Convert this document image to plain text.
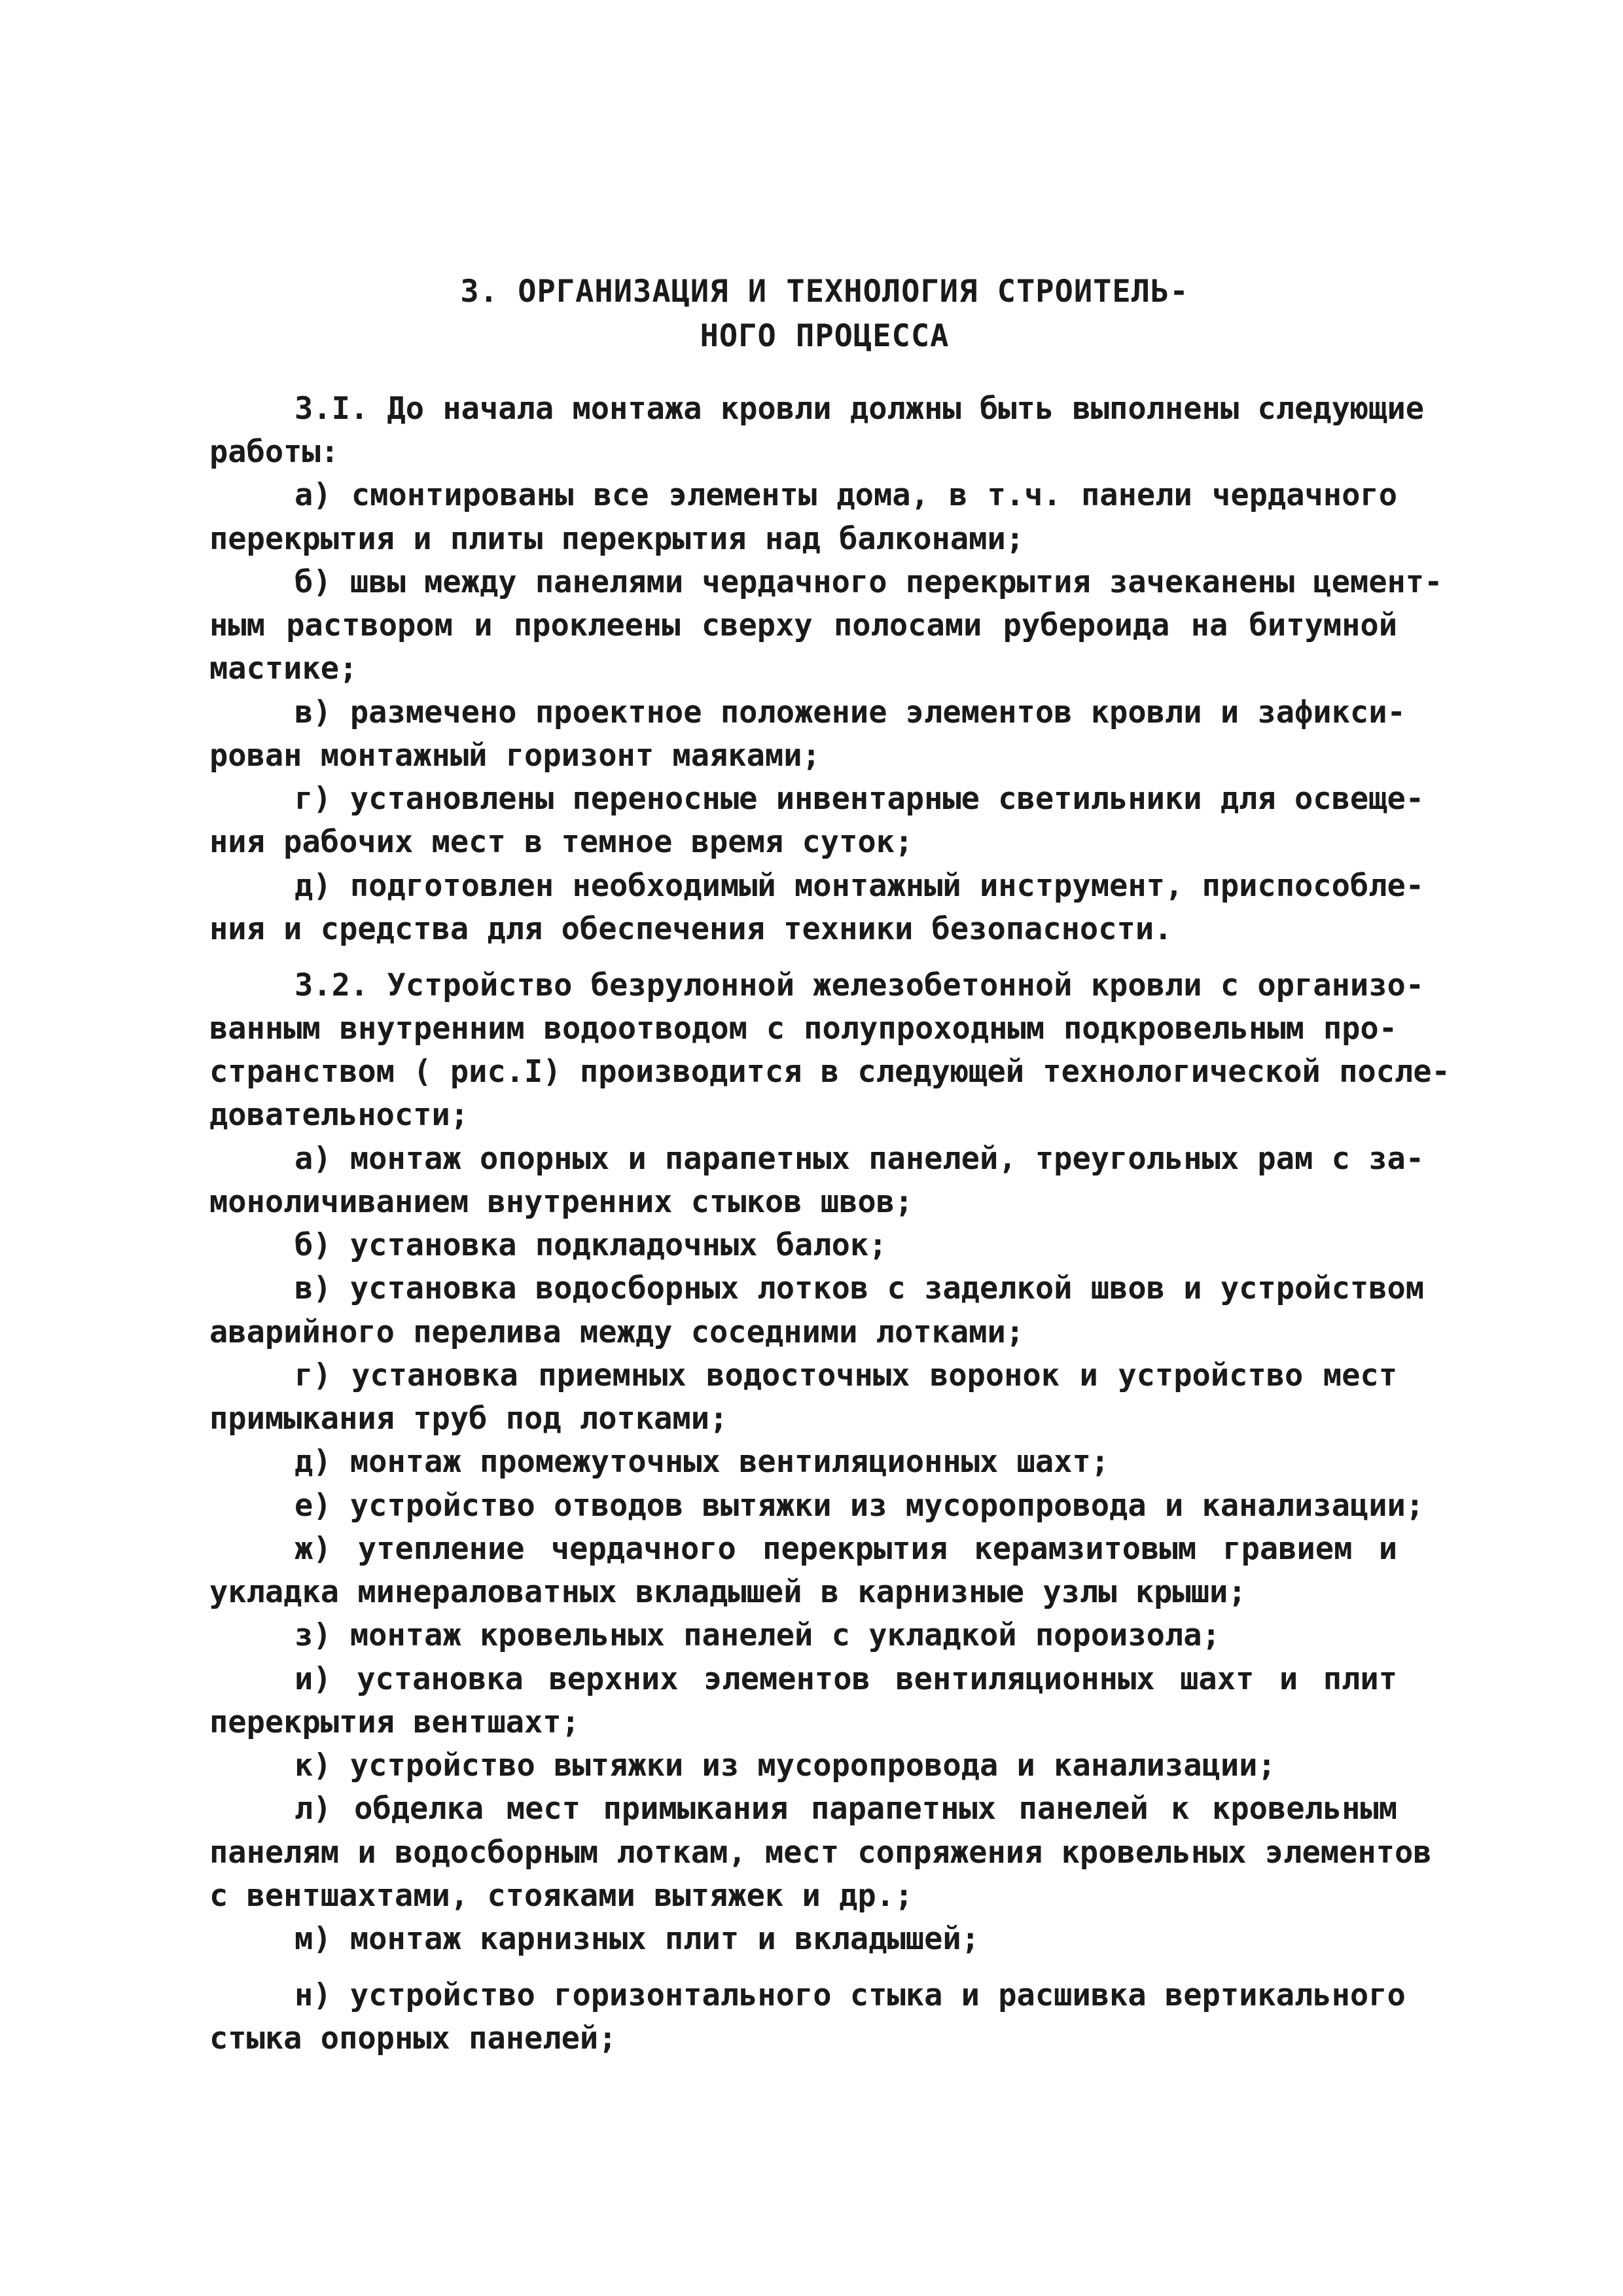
3. ОРГАНИЗАЦИЯ И ТЕХНОЛОГИЯ СТРОИТЕЛЬ-
НОГО ПРОЦЕССА
3.I. До начала монтажа кровли должны быть выполнены следующие
работы:
а) смонтированы все элементы дома, в т.ч. панели чердачного
перекрытия и плиты перекрытия над балконами;
б) швы между панелями чердачного перекрытия зачеканены цемент-
ным раствором и проклеены сверху полосами рубероида на битумной
мастике;
в) размечено проектное положение элементов кровли и зафикси-
рован монтажный горизонт маяками;
г) установлены переносные инвентарные светильники для освеще-
ния рабочих мест в темное время суток;
д) подготовлен необходимый монтажный инструмент, приспособле-
ния и средства для обеспечения техники безопасности.
3.2. Устройство безрулонной железобетонной кровли с организо-
ванным внутренним водоотводом с полупроходным подкровельным про-
странством ( рис.I) производится в следующей технологической после-
довательности;
а) монтаж опорных и парапетных панелей, треугольных рам с за-
моноличиванием внутренних стыков швов;
б) установка подкладочных балок;
в) установка водосборных лотков с заделкой швов и устройством
аварийного перелива между соседними лотками;
г) установка приемных водосточных воронок и устройство мест
примыкания труб под лотками;
д) монтаж промежуточных вентиляционных шахт;
е) устройство отводов вытяжки из мусоропровода и канализации;
ж) утепление чердачного перекрытия керамзитовым гравием и
укладка минераловатных вкладышей в карнизные узлы крыши;
з) монтаж кровельных панелей с укладкой пороизола;
и) установка верхних элементов вентиляционных шахт и плит
перекрытия вентшахт;
к) устройство вытяжки из мусоропровода и канализации;
л) обделка мест примыкания парапетных панелей к кровельным
панелям и водосборным лоткам, мест сопряжения кровельных элементов
с вентшахтами, стояками вытяжек и др.;
м) монтаж карнизных плит и вкладышей;
н) устройство горизонтального стыка и расшивка вертикального
стыка опорных панелей;
